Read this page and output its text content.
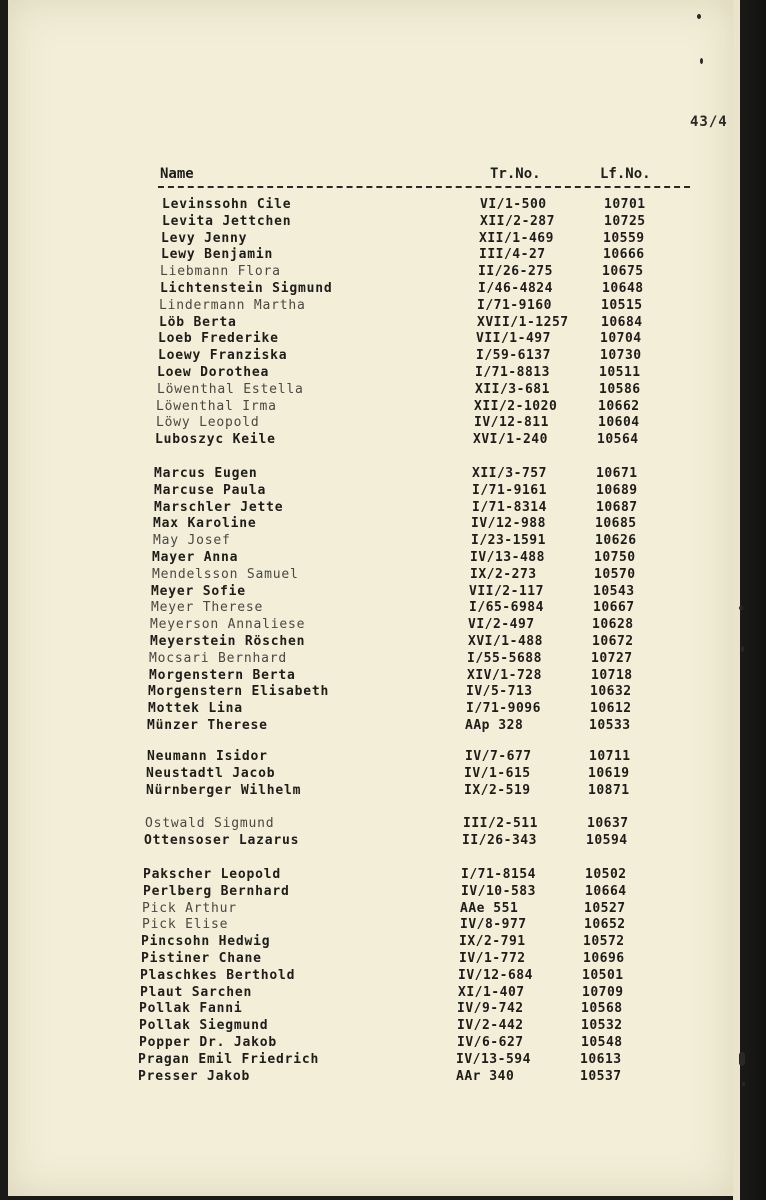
43/4
Name	Tr.No.	Lf.No.
Levinssohn Cile	VI/1-500	10701
Levita Jettchen	XII/2-287	10725
Levy Jenny	XII/1-469	10559
Lewy Benjamin	III/4-27	10666
Liebmann Flora	II/26-275	10675
Lichtenstein Sigmund	I/46-4824	10648
Lindermann Martha	I/71-9160	10515
Löb Berta	XVII/1-1257 10684
Loeb Frederike	VII/1-497	10704
Loewy Franziska	I/59-6137	10730
Loew Dorothea	I/71-8813	10511
Löwenthal Estella	XII/3-681	10586
Löwenthal Irma	XII/2-1020	10662
Löwy Leopold	IV/12-811	10604
Luboszyc Keile	XVI/1-240	10564
Marcus Eugen	XII/3-757	10671
Marcuse Paula	I/71-9161	10689
Marschler Jette	I/71-8314	10687
Max Karoline	IV/12-988	10685
May Josef	I/23-1591	10626
Mayer Anna	IV/13-488	10750
Mendelsson Samuel	IX/2-273	10570
Meyer Sofie	VII/2-117	10543
Meyer Therese	I/65-6984	10667
Meyerson Annaliese	VI/2-497	10628
Meyerstein Röschen	XVI/1-488	10672
Mocsari Bernhard	I/55-5688	10727
Morgenstern Berta	XIV/1-728	10718
Morgenstern Elisabeth	IV/5-713	10632
Mottek Lina	I/71-9096	10612
Münzer Therese	AAp 328	10533
Neumann Isidor	IV/7-677	10711
Neustadtl Jacob	IV/1-615	10619
Nürnberger Wilhelm	IX/2-519	10871
Ostwald Sigmund	III/2-511	10637
Ottensoser Lazarus	II/26-343	10594
Pakscher Leopold	I/71-8154	10502
Perlberg Bernhard	IV/10-583	10664
Pick Arthur	AAe 551	10527
Pick Elise	IV/8-977	10652
Pincsohn Hedwig	IX/2-791	10572
Pistiner Chane	IV/1-772	10696
Plaschkes Berthold	IV/12-684	10501
Plaut Sarchen	XI/1-407	10709
Pollak Fanni	IV/9-742	10568
Pollak Siegmund	IV/2-442	10532
Popper Dr. Jakob	IV/6-627	10548
Pragan Emil Friedrich	IV/13-594	10613
Presser Jakob	AAr 340	10537
